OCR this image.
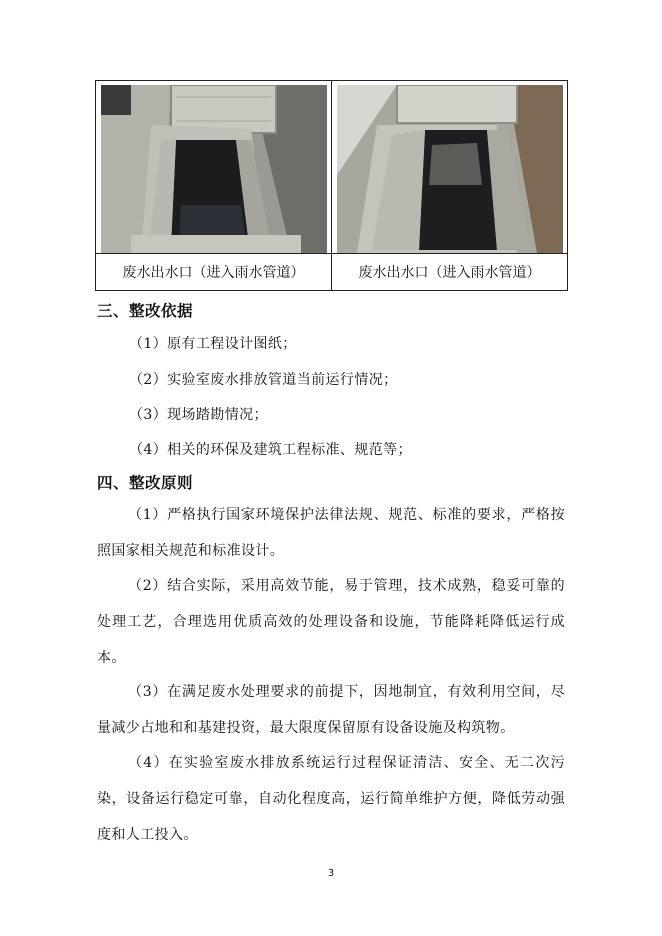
废水出水口（进入雨水管道）	废水出水口（进入雨水管道）
三、整改依据
（1）原有工程设计图纸；
（2）实验室废水排放管道当前运行情况；
（3）现场踏勘情况；
（4）相关的环保及建筑工程标准、规范等；
四、整改原则

（1）严格执行国家环境保护法律法规、规范、标准的要求，严格按照国家相关规范和标准设计。

（2）结合实际，采用高效节能，易于管理，技术成熟，稳妥可靠的处理工艺，合理选用优质高效的处理设备和设施，节能降耗降低运行成本。

（3）在满足废水处理要求的前提下，因地制宜，有效利用空间，尽量减少占地和和基建投资，最大限度保留原有设备设施及构筑物。

（4）在实验室废水排放系统运行过程保证清洁、安全、无二次污染，设备运行稳定可靠，自动化程度高，运行简单维护方便，降低劳动强度和人工投入。

3
